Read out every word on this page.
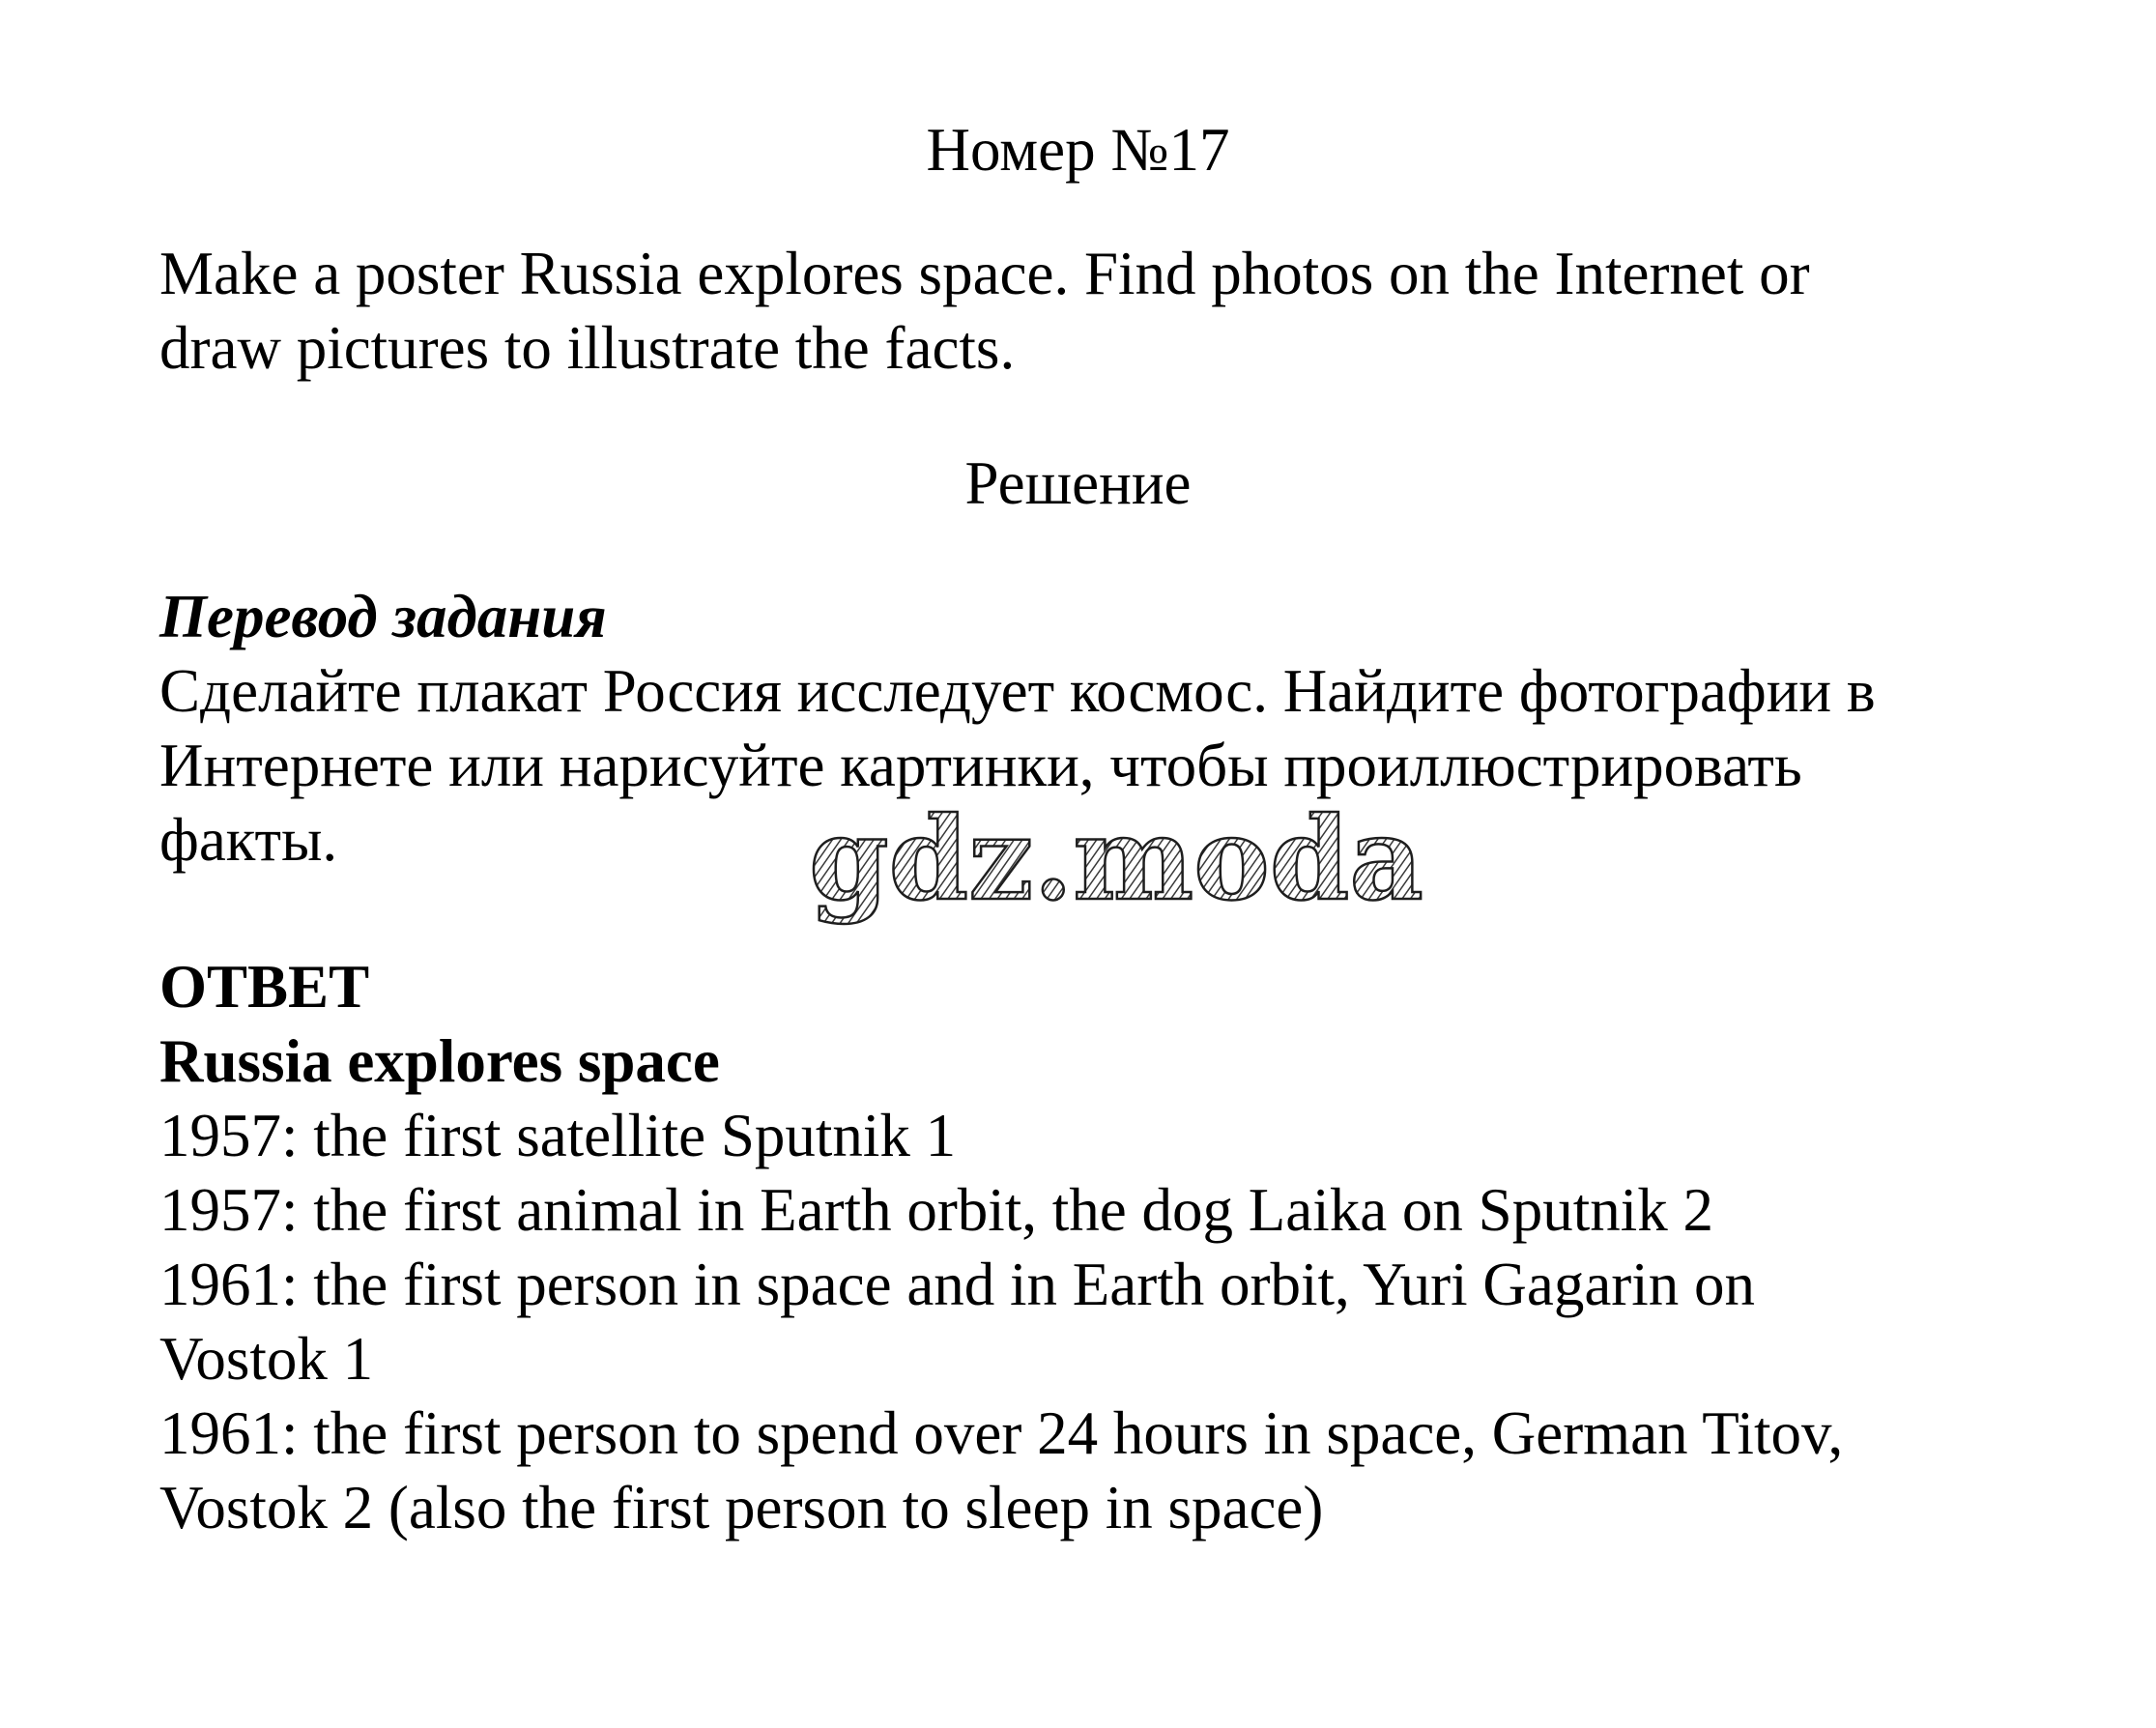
Номер №17
Make a poster Russia explores space. Find photos on the Internet or
draw pictures to illustrate the facts.
Решение
Перевод задания
Сделайте плакат Россия исследует космос. Найдите фотографии в
Интернете или нарисуйте картинки, чтобы проиллюстрировать
факты.	gdz.moda
ОТВЕТ
Russia explores space
1957: the first satellite Sputnik 1
1957: the first animal in Earth orbit, the dog Laika on Sputnik 2
1961: the first person in space and in Earth orbit, Yuri Gagarin on
Vostok 1
1961: the first person to spend over 24 hours in space, German Titov,
Vostok 2 (also the first person to sleep in space)
